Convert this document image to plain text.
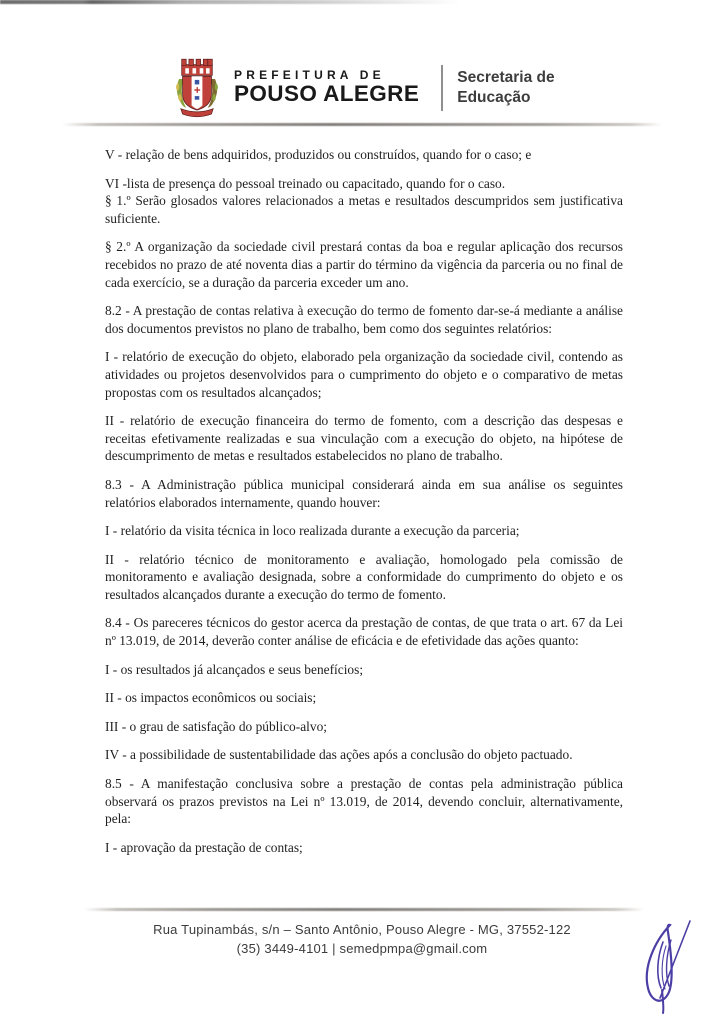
PREFEITURA DE
POUSO ALEGRE
Secretaria de
Educação

V - relação de bens adquiridos, produzidos ou construídos, quando for o caso; e

VI -lista de presença do pessoal treinado ou capacitado, quando for o caso.

§ 1.º Serão glosados valores relacionados a metas e resultados descumpridos sem justificativa suficiente.

§ 2.º A organização da sociedade civil prestará contas da boa e regular aplicação dos recursos recebidos no prazo de até noventa dias a partir do término da vigência da parceria ou no final de cada exercício, se a duração da parceria exceder um ano.

8.2 - A prestação de contas relativa à execução do termo de fomento dar-se-á mediante a análise dos documentos previstos no plano de trabalho, bem como dos seguintes relatórios:

I - relatório de execução do objeto, elaborado pela organização da sociedade civil, contendo as atividades ou projetos desenvolvidos para o cumprimento do objeto e o comparativo de metas propostas com os resultados alcançados;

II - relatório de execução financeira do termo de fomento, com a descrição das despesas e receitas efetivamente realizadas e sua vinculação com a execução do objeto, na hipótese de descumprimento de metas e resultados estabelecidos no plano de trabalho.

8.3 - A Administração pública municipal considerará ainda em sua análise os seguintes relatórios elaborados internamente, quando houver:

I - relatório da visita técnica in loco realizada durante a execução da parceria;

II - relatório técnico de monitoramento e avaliação, homologado pela comissão de monitoramento e avaliação designada, sobre a conformidade do cumprimento do objeto e os resultados alcançados durante a execução do termo de fomento.

8.4 - Os pareceres técnicos do gestor acerca da prestação de contas, de que trata o art. 67 da Lei nº 13.019, de 2014, deverão conter análise de eficácia e de efetividade das ações quanto:

I - os resultados já alcançados e seus benefícios;

II - os impactos econômicos ou sociais;

III - o grau de satisfação do público-alvo;

IV - a possibilidade de sustentabilidade das ações após a conclusão do objeto pactuado.

8.5 - A manifestação conclusiva sobre a prestação de contas pela administração pública observará os prazos previstos na Lei nº 13.019, de 2014, devendo concluir, alternativamente, pela:

I - aprovação da prestação de contas;

Rua Tupinambás, s/n – Santo Antônio, Pouso Alegre - MG, 37552-122
(35) 3449-4101 | semedpmpa@gmail.com
